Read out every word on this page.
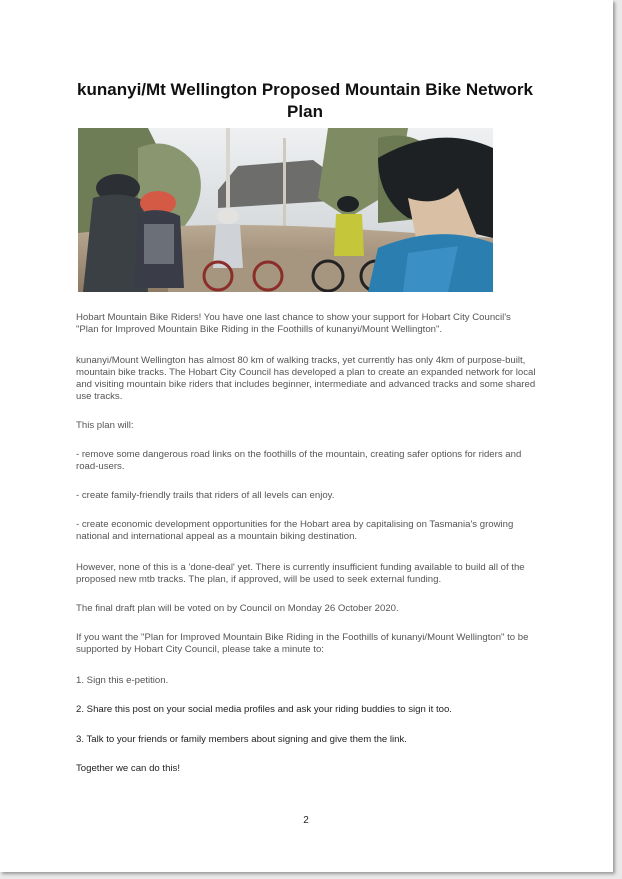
kunanyi/Mt Wellington Proposed Mountain Bike Network Plan

Hobart Mountain Bike Riders! You have one last chance to show your support for Hobart City Council's "Plan for Improved Mountain Bike Riding in the Foothills of kunanyi/Mount Wellington".

kunanyi/Mount Wellington has almost 80 km of walking tracks, yet currently has only 4km of purpose-built, mountain bike tracks. The Hobart City Council has developed a plan to create an expanded network for local and visiting mountain bike riders that includes beginner, intermediate and advanced tracks and some shared use tracks.

This plan will:

- remove some dangerous road links on the foothills of the mountain, creating safer options for riders and road-users.

- create family-friendly trails that riders of all levels can enjoy.

- create economic development opportunities for the Hobart area by capitalising on Tasmania's growing national and international appeal as a mountain biking destination.

However, none of this is a 'done-deal' yet. There is currently insufficient funding available to build all of the proposed new mtb tracks. The plan, if approved, will be used to seek external funding.

The final draft plan will be voted on by Council on Monday 26 October 2020.

If you want the "Plan for Improved Mountain Bike Riding in the Foothills of kunanyi/Mount Wellington" to be supported by Hobart City Council, please take a minute to:

1. Sign this e-petition.

2. Share this post on your social media profiles and ask your riding buddies to sign it too.

3. Talk to your friends or family members about signing and give them the link.

Together we can do this!

2
